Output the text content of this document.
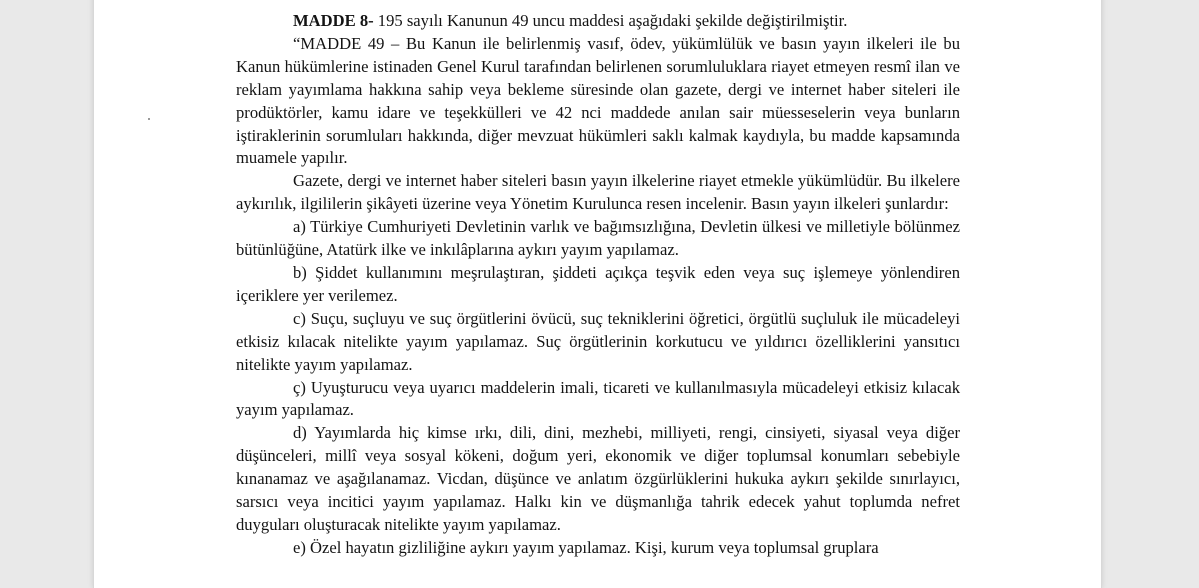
MADDE 8- 195 sayılı Kanunun 49 uncu maddesi aşağıdaki şekilde değiştirilmiştir.

“MADDE 49 – Bu Kanun ile belirlenmiş vasıf, ödev, yükümlülük ve basın yayın ilkeleri ile bu Kanun hükümlerine istinaden Genel Kurul tarafından belirlenen sorumluluklara riayet etmeyen resmî ilan ve reklam yayımlama hakkına sahip veya bekleme süresinde olan gazete, dergi ve internet haber siteleri ile prodüktörler, kamu idare ve teşekkülleri ve 42 nci maddede anılan sair müesseselerin veya bunların iştiraklerinin sorumluları hakkında, diğer mevzuat hükümleri saklı kalmak kaydıyla, bu madde kapsamında muamele yapılır.

Gazete, dergi ve internet haber siteleri basın yayın ilkelerine riayet etmekle yükümlüdür. Bu ilkelere aykırılık, ilgililerin şikâyeti üzerine veya Yönetim Kurulunca resen incelenir. Basın yayın ilkeleri şunlardır:

a) Türkiye Cumhuriyeti Devletinin varlık ve bağımsızlığına, Devletin ülkesi ve milletiyle bölünmez bütünlüğüne, Atatürk ilke ve inkılâplarına aykırı yayım yapılamaz.

b) Şiddet kullanımını meşrulaştıran, şiddeti açıkça teşvik eden veya suç işlemeye yönlendiren içeriklere yer verilemez.

c) Suçu, suçluyu ve suç örgütlerini övücü, suç tekniklerini öğretici, örgütlü suçluluk ile mücadeleyi etkisiz kılacak nitelikte yayım yapılamaz. Suç örgütlerinin korkutucu ve yıldırıcı özelliklerini yansıtıcı nitelikte yayım yapılamaz.

ç) Uyuşturucu veya uyarıcı maddelerin imali, ticareti ve kullanılmasıyla mücadeleyi etkisiz kılacak yayım yapılamaz.

d) Yayımlarda hiç kimse ırkı, dili, dini, mezhebi, milliyeti, rengi, cinsiyeti, siyasal veya diğer düşünceleri, millî veya sosyal kökeni, doğum yeri, ekonomik ve diğer toplumsal konumları sebebiyle kınanamaz ve aşağılanamaz. Vicdan, düşünce ve anlatım özgürlüklerini hukuka aykırı şekilde sınırlayıcı, sarsıcı veya incitici yayım yapılamaz. Halkı kin ve düşmanlığa tahrik edecek yahut toplumda nefret duyguları oluşturacak nitelikte yayım yapılamaz.

e) Özel hayatın gizliliğine aykırı yayım yapılamaz. Kişi, kurum veya toplumsal gruplara
